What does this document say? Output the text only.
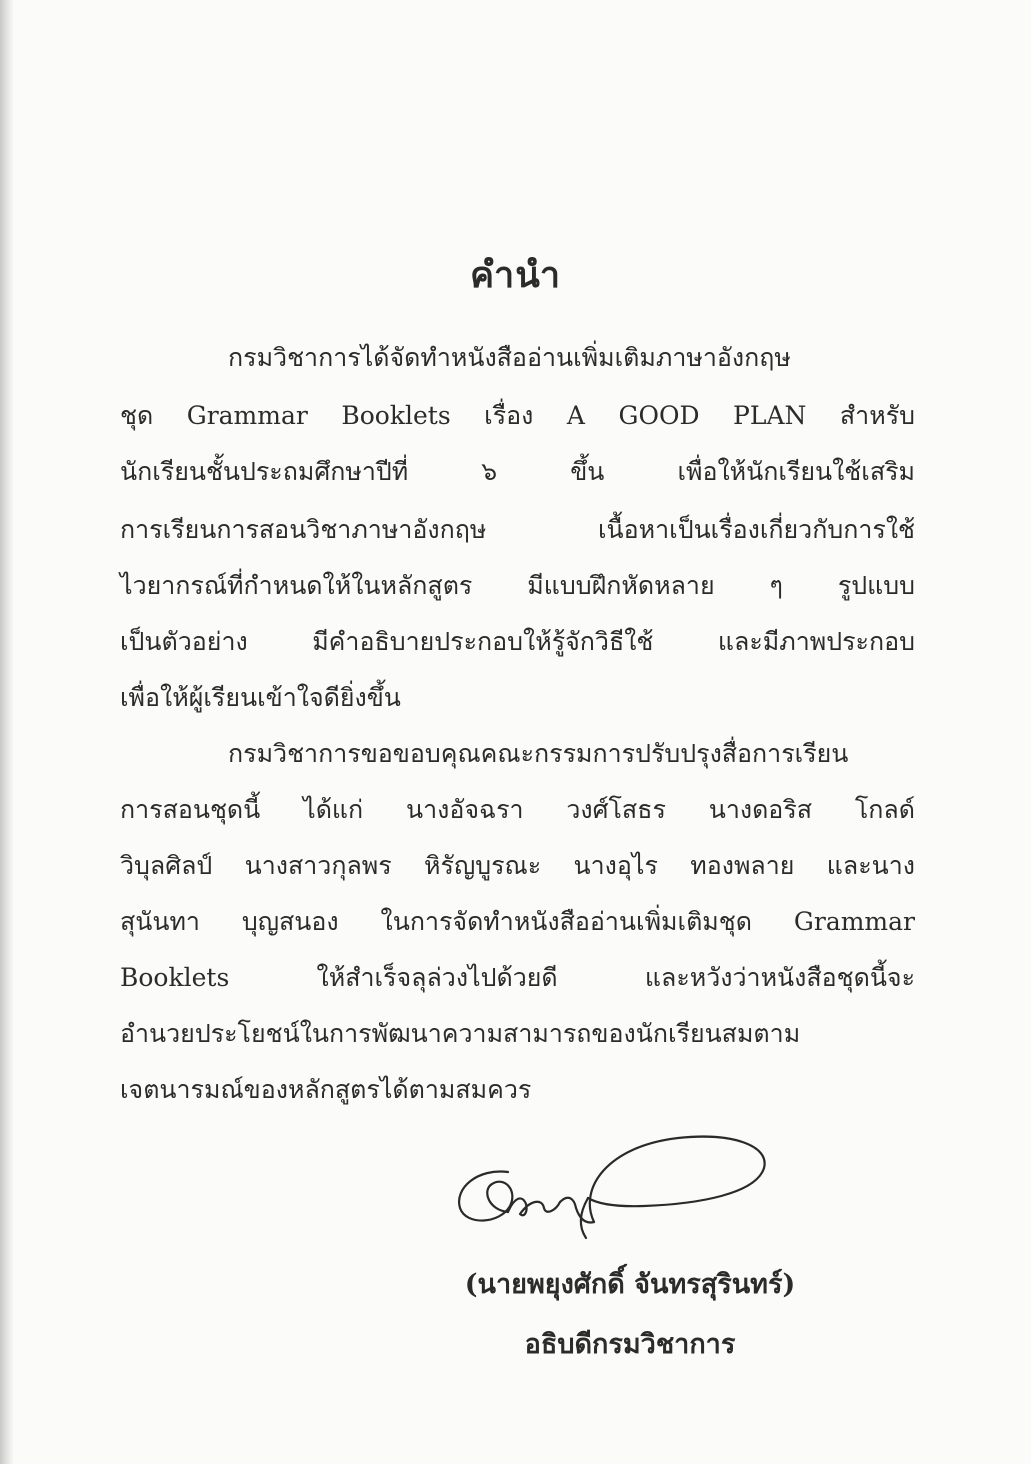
คำนำ
กรมวิชาการได้จัดทำหนังสืออ่านเพิ่มเติมภาษาอังกฤษ
ชุด Grammar Booklets เรื่อง A GOOD PLAN สำหรับ
นักเรียนชั้นประถมศึกษาปีที่ ๖ ขึ้น เพื่อให้นักเรียนใช้เสริม
การเรียนการสอนวิชาภาษาอังกฤษ เนื้อหาเป็นเรื่องเกี่ยวกับการใช้
ไวยากรณ์ที่กำหนดให้ในหลักสูตร มีแบบฝึกหัดหลาย ๆ รูปแบบ
เป็นตัวอย่าง มีคำอธิบายประกอบให้รู้จักวิธีใช้ และมีภาพประกอบ
เพื่อให้ผู้เรียนเข้าใจดียิ่งขึ้น
กรมวิชาการขอขอบคุณคณะกรรมการปรับปรุงสื่อการเรียน
การสอนชุดนี้ ได้แก่ นางอัจฉรา วงศ์โสธร นางดอริส โกลด์
วิบุลศิลป์ นางสาวกุลพร หิรัญบูรณะ นางอุไร ทองพลาย และนาง
สุนันทา บุญสนอง ในการจัดทำหนังสืออ่านเพิ่มเติมชุด Grammar
Booklets ให้สำเร็จลุล่วงไปด้วยดี และหวังว่าหนังสือชุดนี้จะ
อำนวยประโยชน์ในการพัฒนาความสามารถของนักเรียนสมตาม
เจตนารมณ์ของหลักสูตรได้ตามสมควร
(นายพยุงศักดิ์ จันทรสุรินทร์)
อธิบดีกรมวิชาการ
